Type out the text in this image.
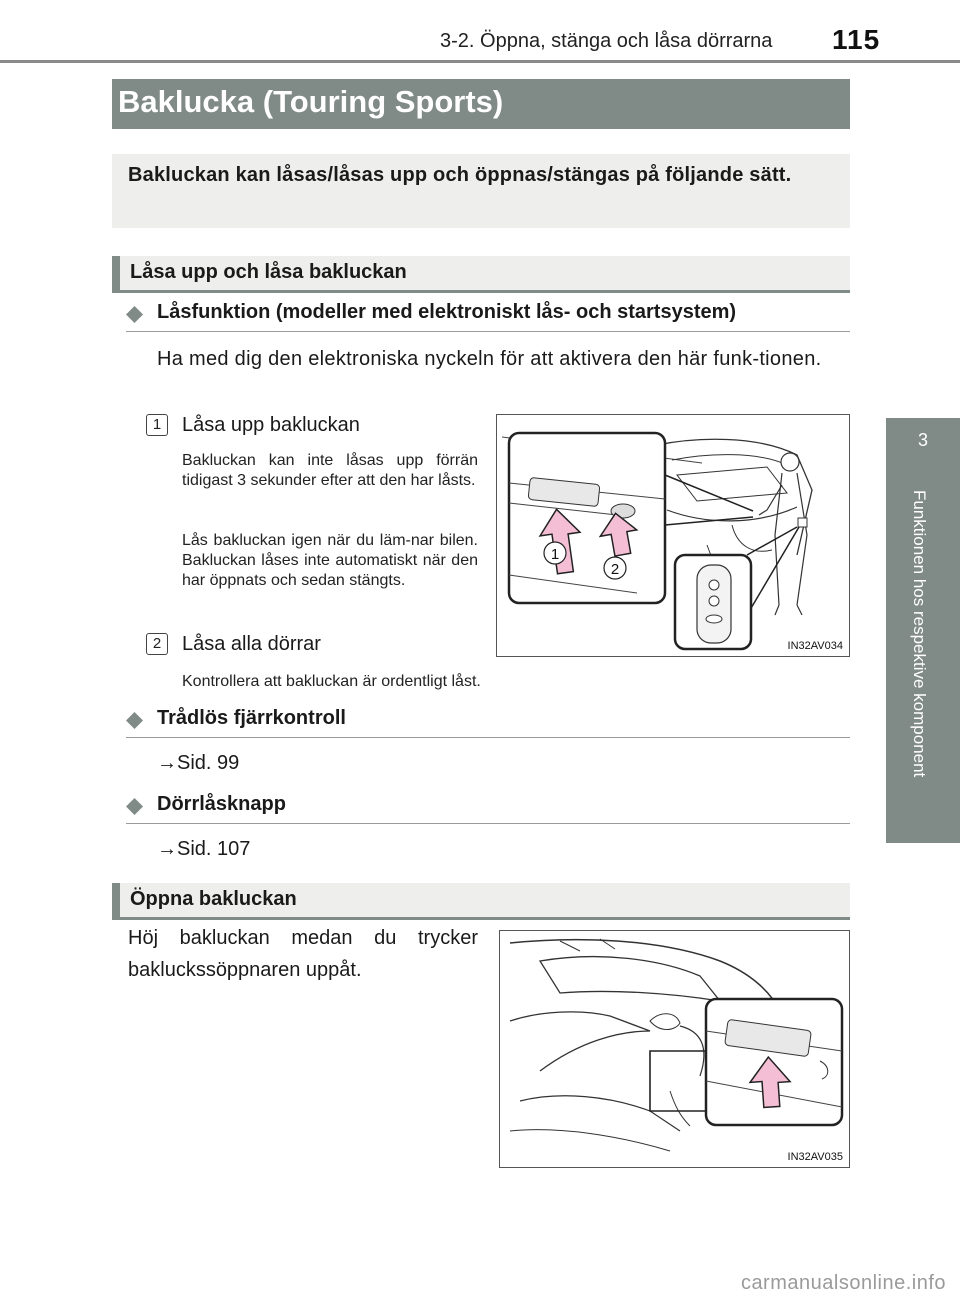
3-2. Öppna, stänga och låsa dörrarna 115
3
Funktionen hos respektive komponent
Baklucka (Touring Sports)
Bakluckan kan låsas/låsas upp och öppnas/stängas på följande sätt.
Låsa upp och låsa bakluckan
Låsfunktion (modeller med elektroniskt lås- och startsystem)
Ha med dig den elektroniska nyckeln för att aktivera den här funk-tionen.
1	Låsa upp bakluckan
Bakluckan kan inte låsas upp förrän tidigast 3 sekunder efter att den har låsts.
Lås bakluckan igen när du läm-nar bilen. Bakluckan låses inte automatiskt när den har öppnats och sedan stängts.
2	Låsa alla dörrar
Kontrollera att bakluckan är ordentligt låst.
1
2
IN32AV034
Trådlös fjärrkontroll
→Sid. 99
Dörrlåsknapp
→Sid. 107
Öppna bakluckan
Höj bakluckan medan du trycker bakluckssöppnaren uppåt.
IN32AV035
carmanualsonline.info
